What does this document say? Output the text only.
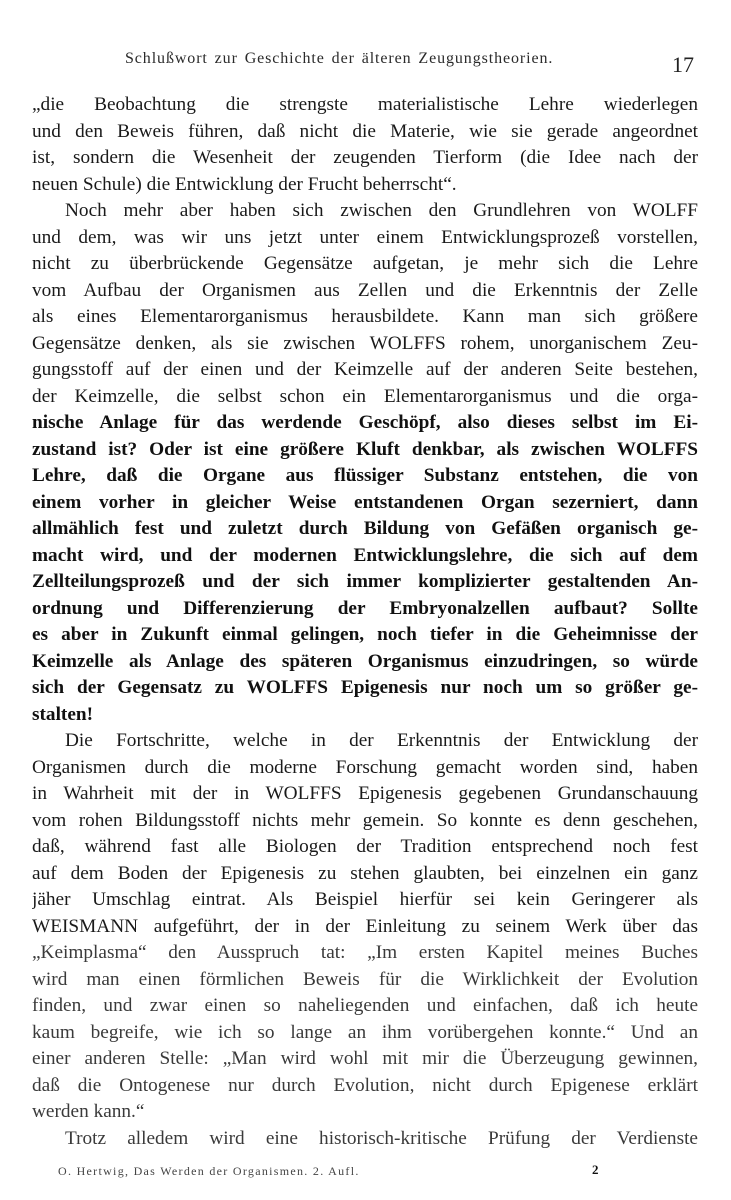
Schlußwort zur Geschichte der älteren Zeugungstheorien.	17
„die Beobachtung die strengste materialistische Lehre wiederlegen
und den Beweis führen, daß nicht die Materie, wie sie gerade angeordnet
ist, sondern die Wesenheit der zeugenden Tierform (die Idee nach der
neuen Schule) die Entwicklung der Frucht beherrscht“.
Noch mehr aber haben sich zwischen den Grundlehren von WOLFF
und dem, was wir uns jetzt unter einem Entwicklungsprozeß vorstellen,
nicht zu überbrückende Gegensätze aufgetan, je mehr sich die Lehre
vom Aufbau der Organismen aus Zellen und die Erkenntnis der Zelle
als eines Elementarorganismus herausbildete. Kann man sich größere
Gegensätze denken, als sie zwischen WOLFFS rohem, unorganischem Zeu-
gungsstoff auf der einen und der Keimzelle auf der anderen Seite bestehen,
der Keimzelle, die selbst schon ein Elementarorganismus und die orga-
nische Anlage für das werdende Geschöpf, also dieses selbst im Ei-
zustand ist? Oder ist eine größere Kluft denkbar, als zwischen WOLFFS
Lehre, daß die Organe aus flüssiger Substanz entstehen, die von
einem vorher in gleicher Weise entstandenen Organ sezerniert, dann
allmählich fest und zuletzt durch Bildung von Gefäßen organisch ge-
macht wird, und der modernen Entwicklungslehre, die sich auf dem
Zellteilungsprozeß und der sich immer komplizierter gestaltenden An-
ordnung und Differenzierung der Embryonalzellen aufbaut? Sollte
es aber in Zukunft einmal gelingen, noch tiefer in die Geheimnisse der
Keimzelle als Anlage des späteren Organismus einzudringen, so würde
sich der Gegensatz zu WOLFFS Epigenesis nur noch um so größer ge-
stalten!
Die Fortschritte, welche in der Erkenntnis der Entwicklung der
Organismen durch die moderne Forschung gemacht worden sind, haben
in Wahrheit mit der in WOLFFS Epigenesis gegebenen Grundanschauung
vom rohen Bildungsstoff nichts mehr gemein. So konnte es denn geschehen,
daß, während fast alle Biologen der Tradition entsprechend noch fest
auf dem Boden der Epigenesis zu stehen glaubten, bei einzelnen ein ganz
jäher Umschlag eintrat. Als Beispiel hierfür sei kein Geringerer als
WEISMANN aufgeführt, der in der Einleitung zu seinem Werk über das
„Keimplasma“ den Ausspruch tat: „Im ersten Kapitel meines Buches
wird man einen förmlichen Beweis für die Wirklichkeit der Evolution
finden, und zwar einen so naheliegenden und einfachen, daß ich heute
kaum begreife, wie ich so lange an ihm vorübergehen konnte.“ Und an
einer anderen Stelle: „Man wird wohl mit mir die Überzeugung gewinnen,
daß die Ontogenese nur durch Evolution, nicht durch Epigenese erklärt
werden kann.“
Trotz alledem wird eine historisch-kritische Prüfung der Verdienste
O. Hertwig, Das Werden der Organismen. 2. Aufl.	2
